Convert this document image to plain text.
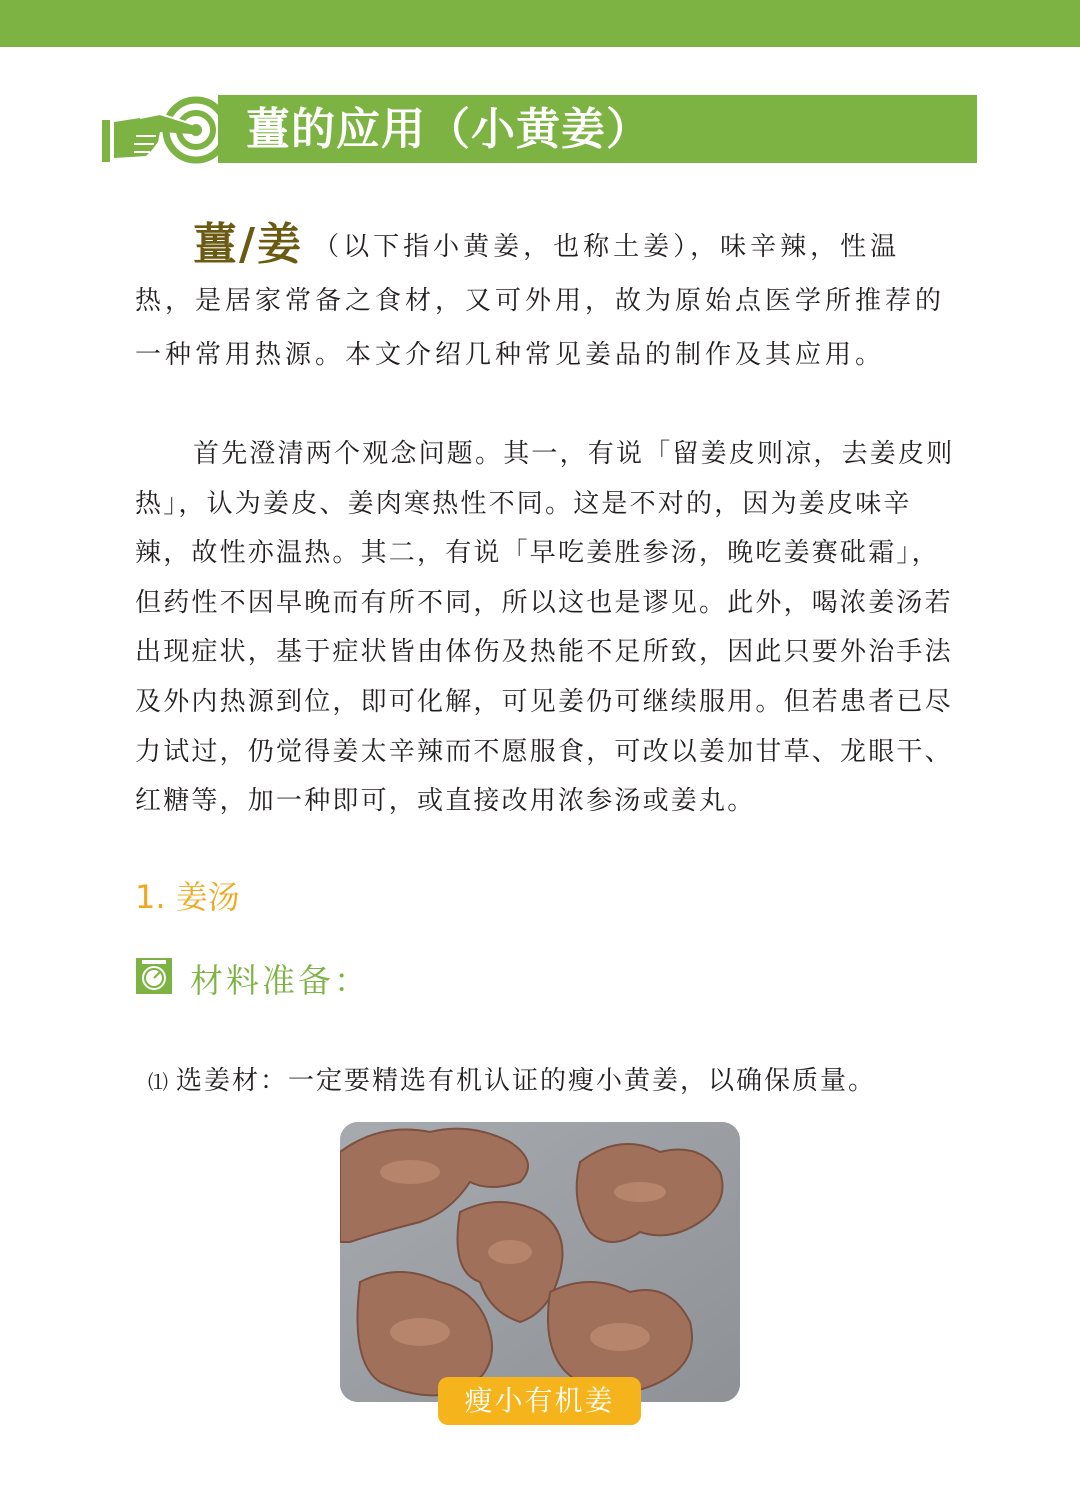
薑的应用（小黄姜）
薑/姜 （以下指小黄姜，也称土姜），味辛辣，性温热，是居家常备之食材，又可外用，故为原始点医学所推荐的一种常用热源。本文介绍几种常见姜品的制作及其应用。
首先澄清两个观念问题。其一，有说「留姜皮则凉，去姜皮则热」，认为姜皮、姜肉寒热性不同。这是不对的，因为姜皮味辛辣，故性亦温热。其二，有说「早吃姜胜参汤，晚吃姜赛砒霜」，但药性不因早晚而有所不同，所以这也是谬见。此外，喝浓姜汤若出现症状，基于症状皆由体伤及热能不足所致，因此只要外治手法及外内热源到位，即可化解，可见姜仍可继续服用。但若患者已尽力试过，仍觉得姜太辛辣而不愿服食，可改以姜加甘草、龙眼干、红糖等，加一种即可，或直接改用浓参汤或姜丸。
1. 姜汤
材料准备：
⑴ 选姜材：一定要精选有机认证的瘦小黄姜，以确保质量。
瘦小有机姜
